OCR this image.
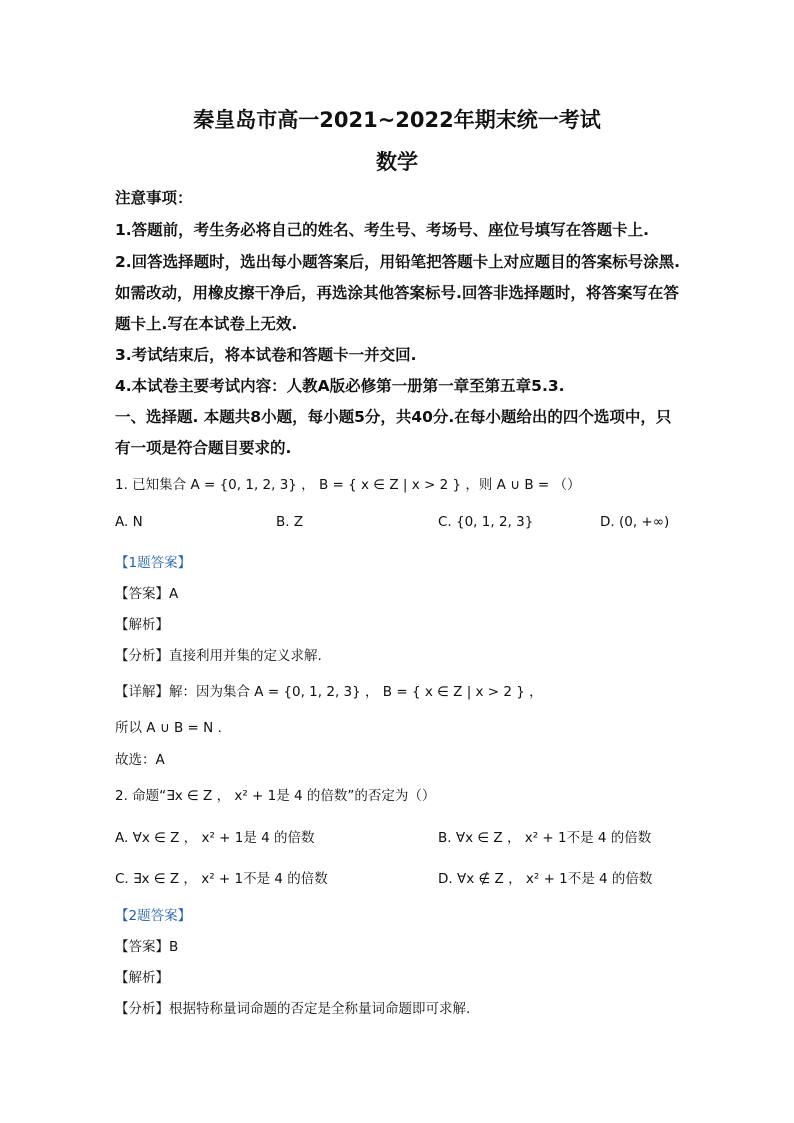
秦皇岛市高一2021~2022年期末统一考试
数学
注意事项：
1.答题前，考生务必将自己的姓名、考生号、考场号、座位号填写在答题卡上.
2.回答选择题时，选出每小题答案后，用铅笔把答题卡上对应题目的答案标号涂黑.
如需改动，用橡皮擦干净后，再选涂其他答案标号.回答非选择题时，将答案写在答
题卡上.写在本试卷上无效.
3.考试结束后，将本试卷和答题卡一并交回.
4.本试卷主要考试内容：人教A版必修第一册第一章至第五章5.3.
一、选择题. 本题共8小题，每小题5分，共40分.在每小题给出的四个选项中，只
有一项是符合题目要求的.
1. 已知集合 A = {0, 1, 2, 3} ， B = { x ∈ Z | x > 2 } ，则 A ∪ B = （）
A. N	B. Z	C. {0, 1, 2, 3}	D. (0, +∞)
【1题答案】
【答案】A
【解析】
【分析】直接利用并集的定义求解.
【详解】解：因为集合 A = {0, 1, 2, 3} ， B = { x ∈ Z | x > 2 } ，
所以 A ∪ B = N .
故选：A
2. 命题“∃x ∈ Z ， x² + 1是 4 的倍数”的否定为（）
A. ∀x ∈ Z ， x² + 1是 4 的倍数	B. ∀x ∈ Z ， x² + 1不是 4 的倍数
C. ∃x ∈ Z ， x² + 1不是 4 的倍数	D. ∀x ∉ Z ， x² + 1不是 4 的倍数
【2题答案】
【答案】B
【解析】
【分析】根据特称量词命题的否定是全称量词命题即可求解.
